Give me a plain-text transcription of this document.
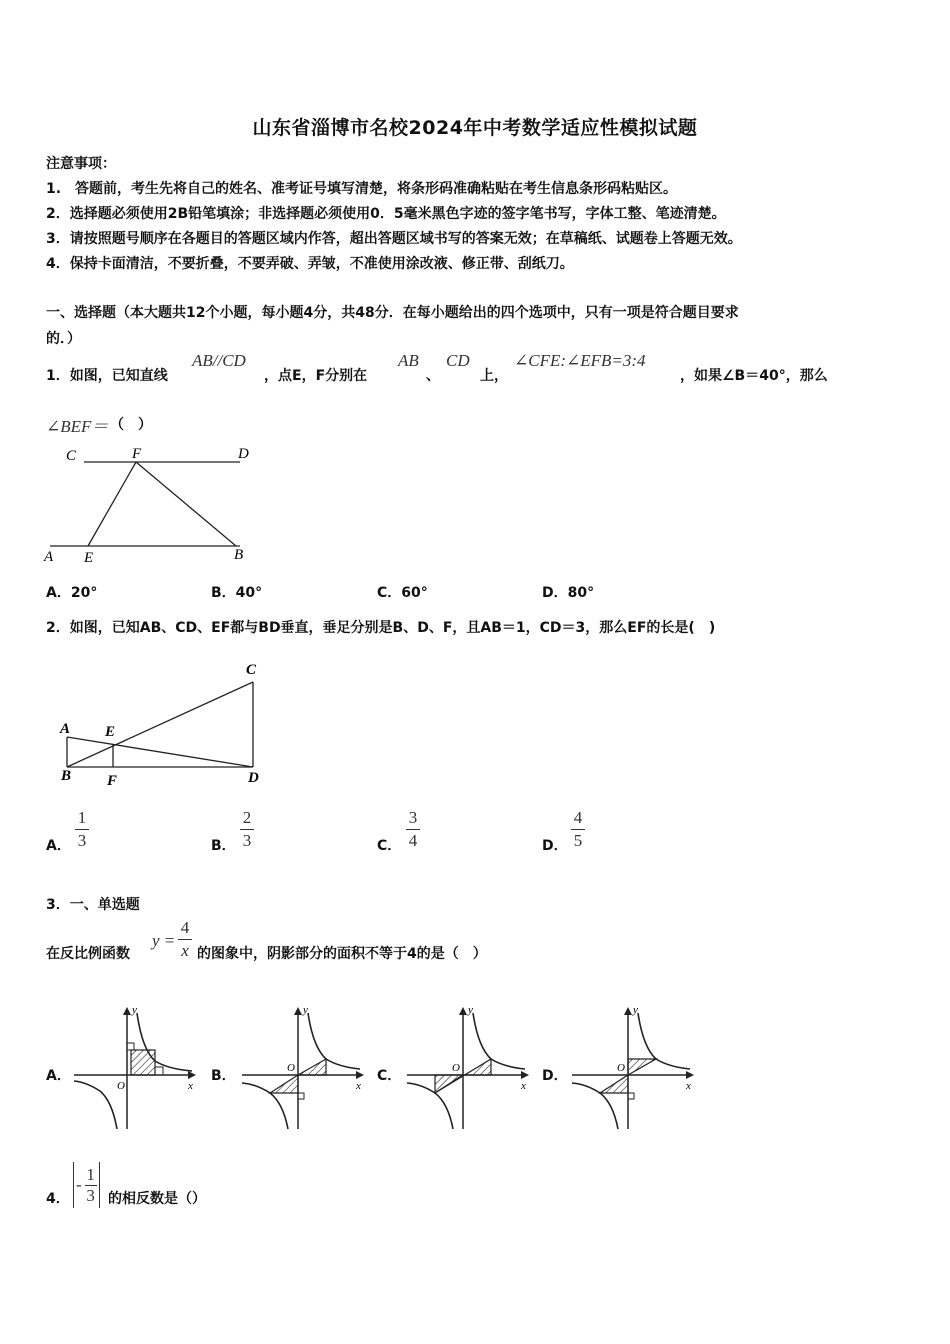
山东省淄博市名校2024年中考数学适应性模拟试题
注意事项：
1.　答题前，考生先将自己的姓名、准考证号填写清楚，将条形码准确粘贴在考生信息条形码粘贴区。
2．选择题必须使用2B铅笔填涂；非选择题必须使用0．5毫米黑色字迹的签字笔书写，字体工整、笔迹清楚。
3．请按照题号顺序在各题目的答题区域内作答，超出答题区域书写的答案无效；在草稿纸、试题卷上答题无效。
4．保持卡面清洁，不要折叠，不要弄破、弄皱，不准使用涂改液、修正带、刮纸刀。
一、选择题（本大题共12个小题，每小题4分，共48分．在每小题给出的四个选项中，只有一项是符合题目要求
的．）
1．如图，已知直线
AB//CD
，点E，F分别在
AB
、
CD
上，
∠CFE:∠EFB=3:4
，如果∠B＝40°，那么
∠BEF＝ （　）
C	F	D
A E	B
A．20°	B．40°	C．60°	D．80°
2．如图，已知AB、CD、EF都与BD垂直，垂足分别是B、D、F，且AB＝1，CD＝3，那么EF的长是(　)
C
A E
B F	D
A．
1
3	B．
2
3	C．
3
4	D．
4
5
3．一、单选题
在反比例函数
y =
4
x 的图象中，阴影部分的面积不等于4的是（　）
A．	B．	C．	D．
y
x
O
y
x
O
y
x
O
y
x
O
4．
-
1
3 的相反数是（）
